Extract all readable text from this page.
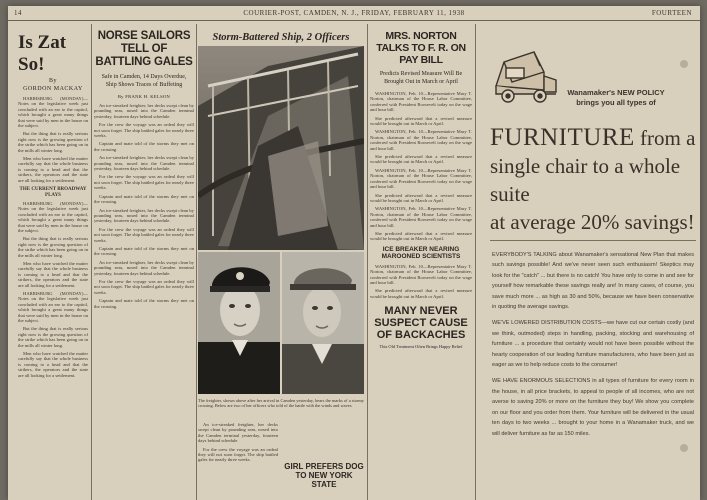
14	COURIER-POST, CAMDEN, N. J., FRIDAY, FEBRUARY 11, 1938	FOURTEEN
Is Zat So!
By
GORDON MACKAY

HARRISBURG (MONDAY)—Notes on the legislative week just concluded with an ear to the capitol, which brought a great many things that were said by men in the house on the subject.

But the thing that is really serious right now is the growing question of the strike which has been going on in the mills all winter long.

Men who have watched the matter carefully say that the whole business is coming to a head and that the strikers, the operators and the state are all looking for a settlement.

THE CURRENT BROADWAY PLAYS

HARRISBURG (MONDAY)—Notes on the legislative week just concluded with an ear to the capitol, which brought a great many things that were said by men in the house on the subject.

But the thing that is really serious right now is the growing question of the strike which has been going on in the mills all winter long.

Men who have watched the matter carefully say that the whole business is coming to a head and that the strikers, the operators and the state are all looking for a settlement.

HARRISBURG (MONDAY)—Notes on the legislative week just concluded with an ear to the capitol, which brought a great many things that were said by men in the house on the subject.

But the thing that is really serious right now is the growing question of the strike which has been going on in the mills all winter long.

Men who have watched the matter carefully say that the whole business is coming to a head and that the strikers, the operators and the state are all looking for a settlement.

NORSE SAILORS TELL OF BATTLING GALES
Safe in Camden, 14 Days Overdue, Ship Shows Traces of Buffeting
By FRANK H. KELSON

An ice-streaked freighter, her decks swept clean by pounding seas, nosed into the Camden terminal yesterday, fourteen days behind schedule.

For the crew the voyage was an ordeal they will not soon forget. The ship battled gales for nearly three weeks.

Captain and mate told of the storms they met on the crossing.

An ice-streaked freighter, her decks swept clean by pounding seas, nosed into the Camden terminal yesterday, fourteen days behind schedule.

For the crew the voyage was an ordeal they will not soon forget. The ship battled gales for nearly three weeks.

Captain and mate told of the storms they met on the crossing.

An ice-streaked freighter, her decks swept clean by pounding seas, nosed into the Camden terminal yesterday, fourteen days behind schedule.

For the crew the voyage was an ordeal they will not soon forget. The ship battled gales for nearly three weeks.

Captain and mate told of the storms they met on the crossing.

An ice-streaked freighter, her decks swept clean by pounding seas, nosed into the Camden terminal yesterday, fourteen days behind schedule.

For the crew the voyage was an ordeal they will not soon forget. The ship battled gales for nearly three weeks.

Captain and mate told of the storms they met on the crossing.

Storm-Battered Ship, 2 Officers
The freighter, shown above after her arrival in Camden yesterday, bears the marks of a stormy crossing. Below are two of her officers who told of the battle with the winds and waves.

An ice-streaked freighter, her decks swept clean by pounding seas, nosed into the Camden terminal yesterday, fourteen days behind schedule.

For the crew the voyage was an ordeal they will not soon forget. The ship battled gales for nearly three weeks.

GIRL PREFERS DOG TO NEW YORK STATE
MRS. NORTON TALKS TO F. R. ON PAY BILL
Predicts Revised Measure Will Be Brought Out in March or April

WASHINGTON, Feb. 10—Representative Mary T. Norton, chairman of the House Labor Committee, conferred with President Roosevelt today on the wage and hour bill.

She predicted afterward that a revised measure would be brought out in March or April.

WASHINGTON, Feb. 10—Representative Mary T. Norton, chairman of the House Labor Committee, conferred with President Roosevelt today on the wage and hour bill.

She predicted afterward that a revised measure would be brought out in March or April.

WASHINGTON, Feb. 10—Representative Mary T. Norton, chairman of the House Labor Committee, conferred with President Roosevelt today on the wage and hour bill.

She predicted afterward that a revised measure would be brought out in March or April.

WASHINGTON, Feb. 10—Representative Mary T. Norton, chairman of the House Labor Committee, conferred with President Roosevelt today on the wage and hour bill.

She predicted afterward that a revised measure would be brought out in March or April.

ICE BREAKER NEARING MAROONED SCIENTISTS

WASHINGTON, Feb. 10—Representative Mary T. Norton, chairman of the House Labor Committee, conferred with President Roosevelt today on the wage and hour bill.

She predicted afterward that a revised measure would be brought out in March or April.

MANY NEVER SUSPECT CAUSE OF BACKACHES
This Old Treatment Often Brings Happy Relief
Wanamaker's NEW POLICY
brings you all types of
FURNITURE from a
single chair to a whole suite
at average 20% savings!

EVERYBODY'S TALKING about Wanamaker's sensational New Plan that makes such savings possible! And we've never seen such enthusiasm! Skeptics may look for the "catch" ... but there is no catch! You have only to come in and see for yourself how remarkable these savings really are! In many cases, of course, you save much more ... as high as 30 and 50%, because we have been conservative in quoting the average savings.

WE'VE LOWERED DISTRIBUTION COSTS—we have cut our certain costly (and we think, outmoded) steps in handling, packing, stocking and warehousing of furniture ... a procedure that certainly would not have been possible without the hearty cooperation of our leading furniture manufacturers, who have been just as eager as we to help reduce costs to the consumer!

WE HAVE ENORMOUS SELECTIONS in all types of furniture for every room in the house, in all price brackets, to appeal to people of all incomes, who are not averse to saving 20% or more on the furniture they buy! We show you complete on our floor and you order from them. Your furniture will be delivered in the usual ten days to two weeks ... brought to your home in a Wanamaker truck, and we will deliver furniture as far as 150 miles.
